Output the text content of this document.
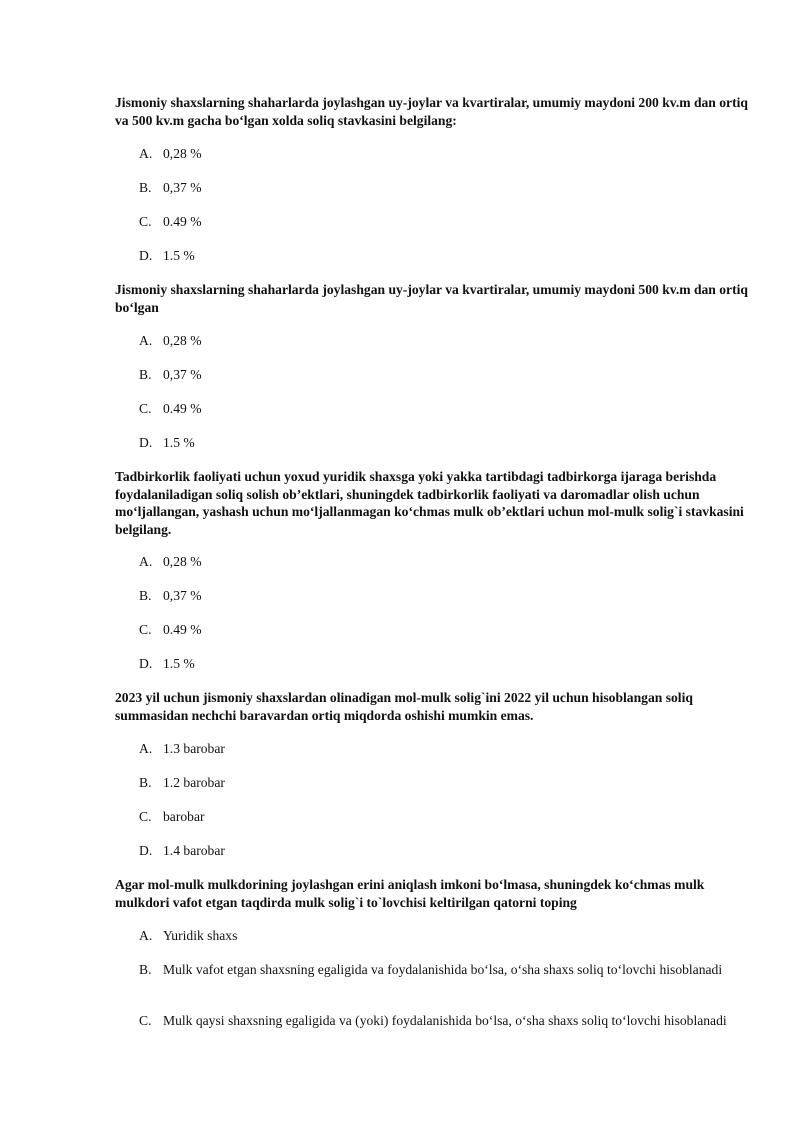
Jismoniy shaxslarning shaharlarda joylashgan uy-joylar va kvartiralar, umumiy maydoni 200 kv.m dan ortiq va 500 kv.m gacha bo‘lgan xolda soliq stavkasini belgilang:
A. 0,28 %
B. 0,37 %
C. 0.49 %
D. 1.5 %
Jismoniy shaxslarning shaharlarda joylashgan uy-joylar va kvartiralar, umumiy maydoni 500 kv.m dan ortiq bo‘lgan
A. 0,28 %
B. 0,37 %
C. 0.49 %
D. 1.5 %
Tadbirkorlik faoliyati uchun yoxud yuridik shaxsga yoki yakka tartibdagi tadbirkorga ijaraga berishda foydalaniladigan soliq solish ob’ektlari, shuningdek tadbirkorlik faoliyati va daromadlar olish uchun mo‘ljallangan, yashash uchun mo‘ljallanmagan ko‘chmas mulk ob’ektlari uchun mol-mulk solig`i stavkasini belgilang.
A. 0,28 %
B. 0,37 %
C. 0.49 %
D. 1.5 %
2023 yil uchun jismoniy shaxslardan olinadigan mol-mulk solig`ini 2022 yil uchun hisoblangan soliq summasidan nechchi baravardan ortiq miqdorda oshishi mumkin emas.
A. 1.3 barobar
B. 1.2 barobar
C. barobar
D. 1.4 barobar
Agar mol-mulk mulkdorining joylashgan erini aniqlash imkoni bo‘lmasa, shuningdek ko‘chmas mulk mulkdori vafot etgan taqdirda mulk solig`i to`lovchisi keltirilgan qatorni toping
A. Yuridik shaxs
B. Mulk vafot etgan shaxsning egaligida va foydalanishida bo‘lsa, o‘sha shaxs soliq to‘lovchi hisoblanadi
C. Mulk qaysi shaxsning egaligida va (yoki) foydalanishida bo‘lsa, o‘sha shaxs soliq to‘lovchi hisoblanadi
